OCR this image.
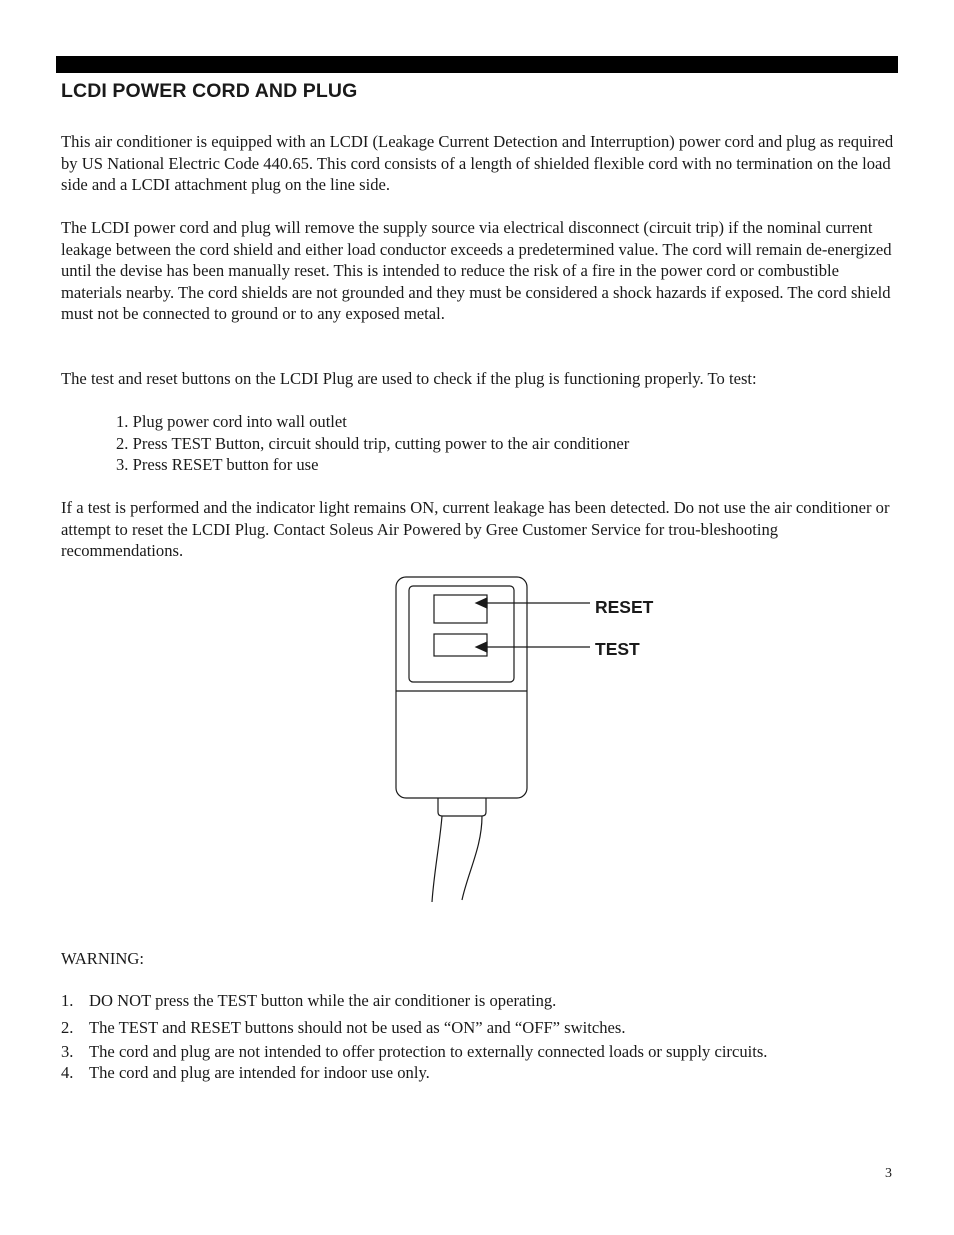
LCDI POWER CORD AND PLUG

This air conditioner is equipped with an LCDI (Leakage Current Detection and Interruption) power cord and plug as required by US National Electric Code 440.65. This cord consists of a length of shielded flexible cord with no termination on the load side and a LCDI attachment plug on the line side.

The LCDI power cord and plug will remove the supply source via electrical disconnect (circuit trip) if the nominal current leakage between the cord shield and either load conductor exceeds a predetermined value. The cord will remain de-energized until the devise has been manually reset. This is intended to reduce the risk of a fire in the power cord or combustible materials nearby. The cord shields are not grounded and they must be considered a shock hazards if exposed. The cord shield must not be connected to ground or to any exposed metal.

The test and reset buttons on the LCDI Plug are used to check if the plug is functioning properly. To test:

1. Plug power cord into wall outlet
2. Press TEST Button, circuit should trip, cutting power to the air conditioner
3. Press RESET button for use

If a test is performed and the indicator light remains ON, current leakage has been detected. Do not use the air conditioner or attempt to reset the LCDI Plug. Contact Soleus Air Powered by Gree Customer Service for trou-bleshooting recommendations.

RESET
TEST

WARNING:

1. DO NOT press the TEST button while the air conditioner is operating.
2. The TEST and RESET buttons should not be used as “ON” and “OFF” switches.
3. The cord and plug are not intended to offer protection to externally connected loads or supply circuits.
4. The cord and plug are intended for indoor use only.
3
